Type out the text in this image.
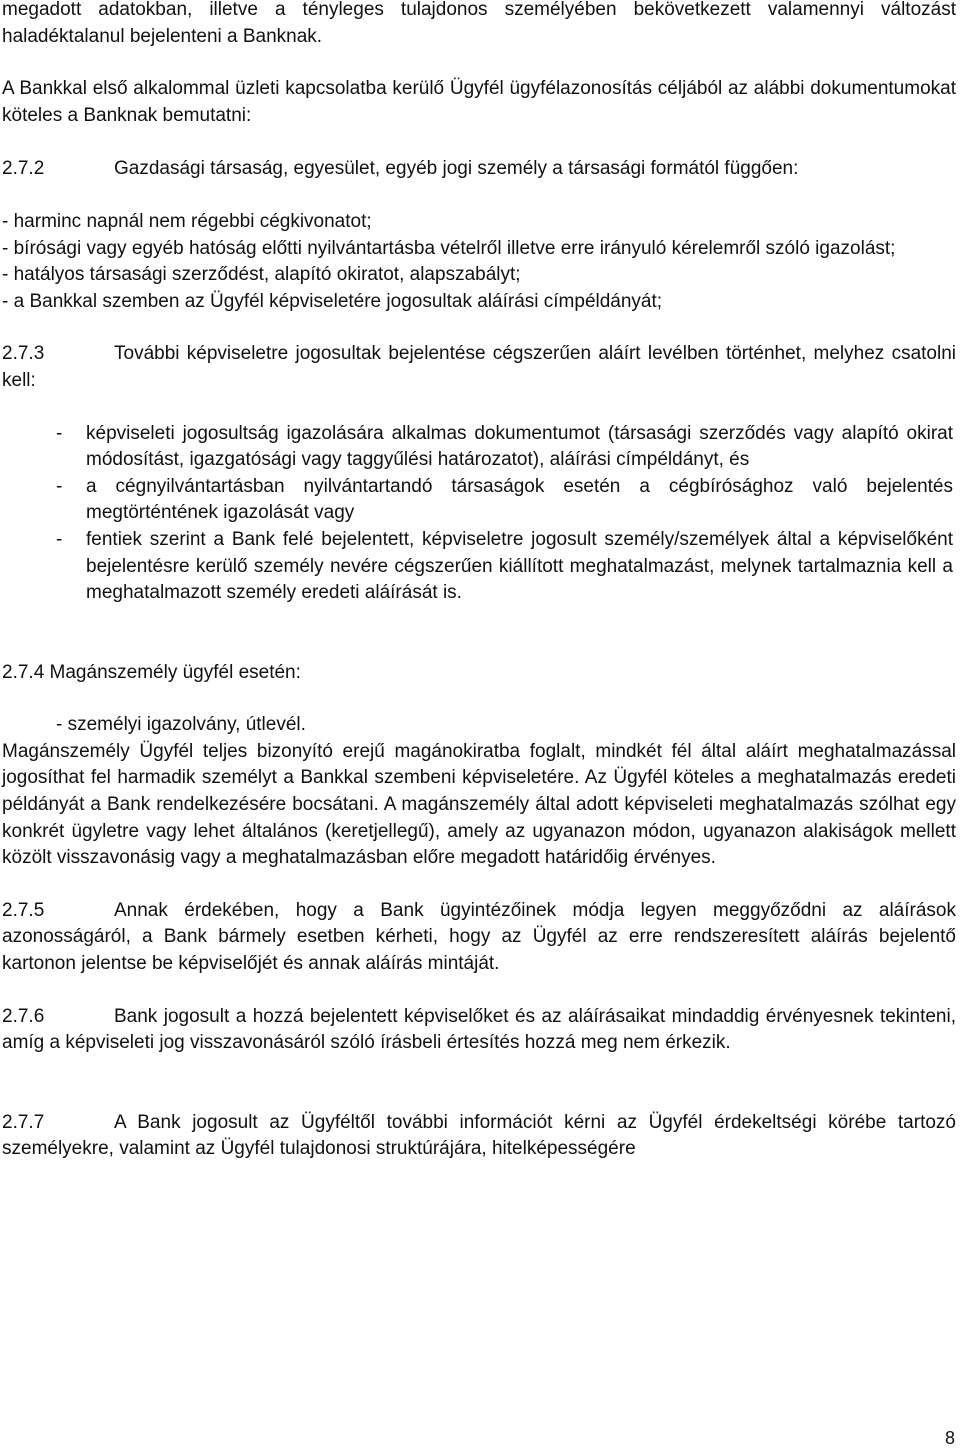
megadott adatokban, illetve a tényleges tulajdonos személyében bekövetkezett valamennyi változást haladéktalanul bejelenteni a Banknak.

A Bankkal első alkalommal üzleti kapcsolatba kerülő Ügyfél ügyfélazonosítás céljából az alábbi dokumentumokat köteles a Banknak bemutatni:

2.7.2	Gazdasági társaság, egyesület, egyéb jogi személy a társasági formától függően:

- harminc napnál nem régebbi cégkivonatot;

- bírósági vagy egyéb hatóság előtti nyilvántartásba vételről illetve erre irányuló kérelemről szóló igazolást;

- hatályos társasági szerződést, alapító okiratot, alapszabályt;

- a Bankkal szemben az Ügyfél képviseletére jogosultak aláírási címpéldányát;

2.7.3	További képviseletre jogosultak bejelentése cégszerűen aláírt levélben történhet, melyhez csatolni kell:

-	képviseleti jogosultság igazolására alkalmas dokumentumot (társasági szerződés vagy alapító okirat módosítást, igazgatósági vagy taggyűlési határozatot), aláírási címpéldányt, és
-	a cégnyilvántartásban nyilvántartandó társaságok esetén a cégbírósághoz való bejelentés megtörténtének igazolását vagy
-	fentiek szerint a Bank felé bejelentett, képviseletre jogosult személy/személyek által a képviselőként bejelentésre kerülő személy nevére cégszerűen kiállított meghatalmazást, melynek tartalmaznia kell a meghatalmazott személy eredeti aláírását is.

2.7.4 Magánszemély ügyfél esetén:

- személyi igazolvány, útlevél.

Magánszemély Ügyfél teljes bizonyító erejű magánokiratba foglalt, mindkét fél által aláírt meghatalmazással jogosíthat fel harmadik személyt a Bankkal szembeni képviseletére. Az Ügyfél köteles a meghatalmazás eredeti példányát a Bank rendelkezésére bocsátani. A magánszemély által adott képviseleti meghatalmazás szólhat egy konkrét ügyletre vagy lehet általános (keretjellegű), amely az ugyanazon módon, ugyanazon alakiságok mellett közölt visszavonásig vagy a meghatalmazásban előre megadott határidőig érvényes.

2.7.5	Annak érdekében, hogy a Bank ügyintézőinek módja legyen meggyőződni az aláírások azonosságáról, a Bank bármely esetben kérheti, hogy az Ügyfél az erre rendszeresített aláírás bejelentő kartonon jelentse be képviselőjét és annak aláírás mintáját.

2.7.6	Bank jogosult a hozzá bejelentett képviselőket és az aláírásaikat mindaddig érvényesnek tekinteni, amíg a képviseleti jog visszavonásáról szóló írásbeli értesítés hozzá meg nem érkezik.

2.7.7	A Bank jogosult az Ügyféltől további információt kérni az Ügyfél érdekeltségi körébe tartozó személyekre, valamint az Ügyfél tulajdonosi struktúrájára, hitelképességére

8
